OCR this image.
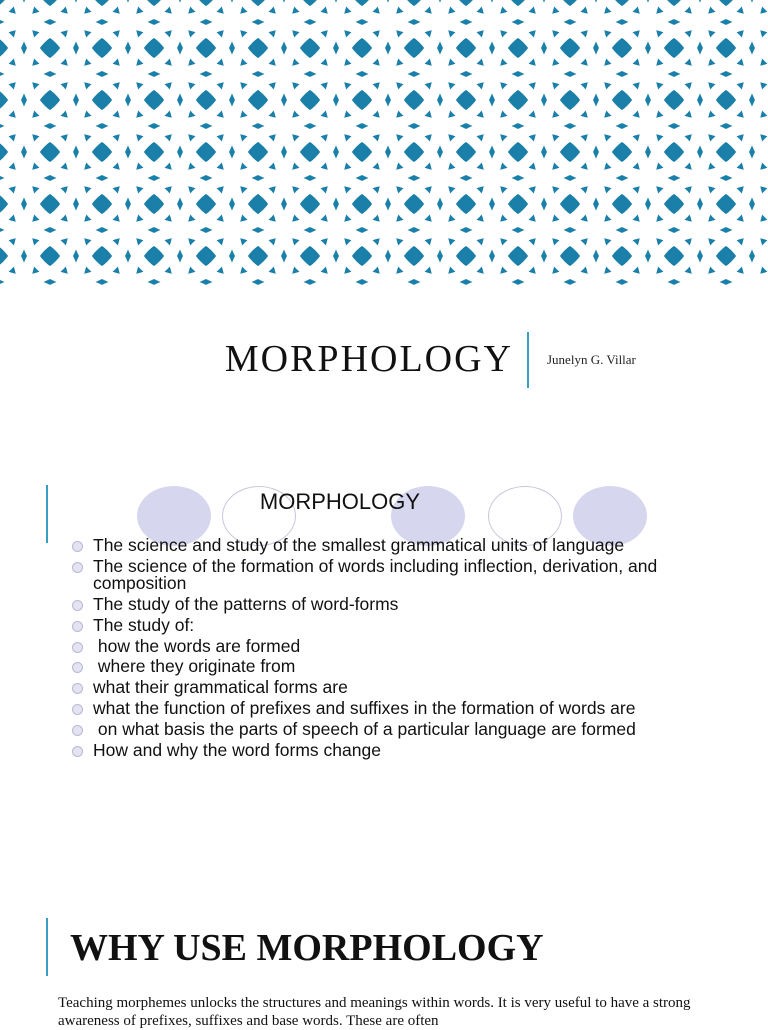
MORPHOLOGY	Junelyn G. Villar
MORPHOLOGY
The science and study of the smallest grammatical units of language
The science of the formation of words including inflection, derivation, and composition
The study of the patterns of word-forms
The study of:
how the words are formed
where they originate from
what their grammatical forms are
what the function of prefixes and suffixes in the formation of words are
on what basis the parts of speech of a particular language are formed
How and why the word forms change
WHY USE MORPHOLOGY

Teaching morphemes unlocks the structures and meanings within words. It is very useful to have a strong awareness of prefixes, suffixes and base words. These are often
